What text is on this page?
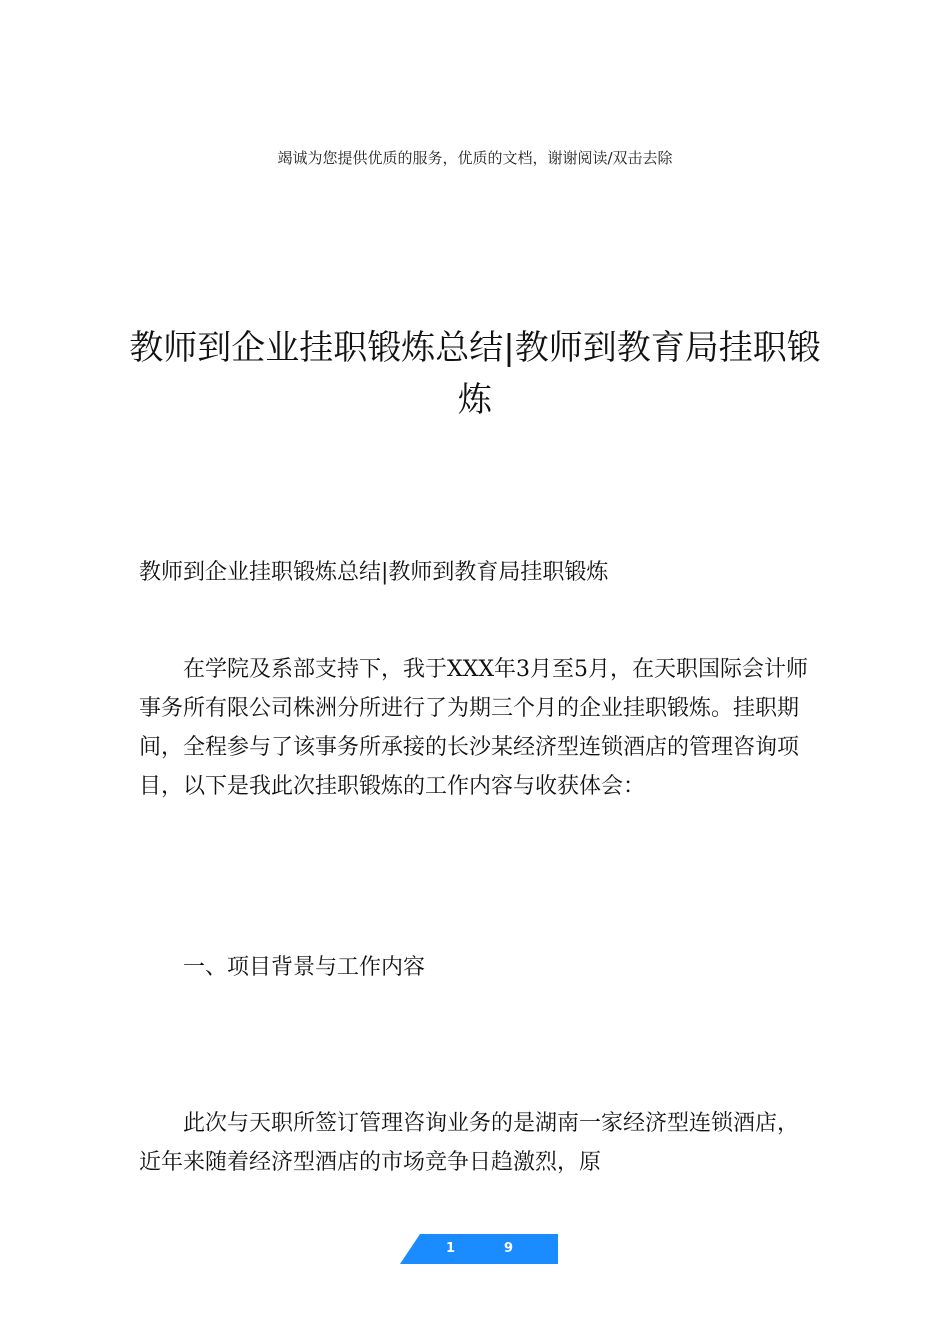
竭诚为您提供优质的服务，优质的文档，谢谢阅读/双击去除
教师到企业挂职锻炼总结|教师到教育局挂职锻炼

教师到企业挂职锻炼总结|教师到教育局挂职锻炼

在学院及系部支持下，我于XXX年3月至5月，在天职国际会计师事务所有限公司株洲分所进行了为期三个月的企业挂职锻炼。挂职期间，全程参与了该事务所承接的长沙某经济型连锁酒店的管理咨询项目，以下是我此次挂职锻炼的工作内容与收获体会：

一、项目背景与工作内容

此次与天职所签订管理咨询业务的是湖南一家经济型连锁酒店，近年来随着经济型酒店的市场竞争日趋激烈，原

1	9
